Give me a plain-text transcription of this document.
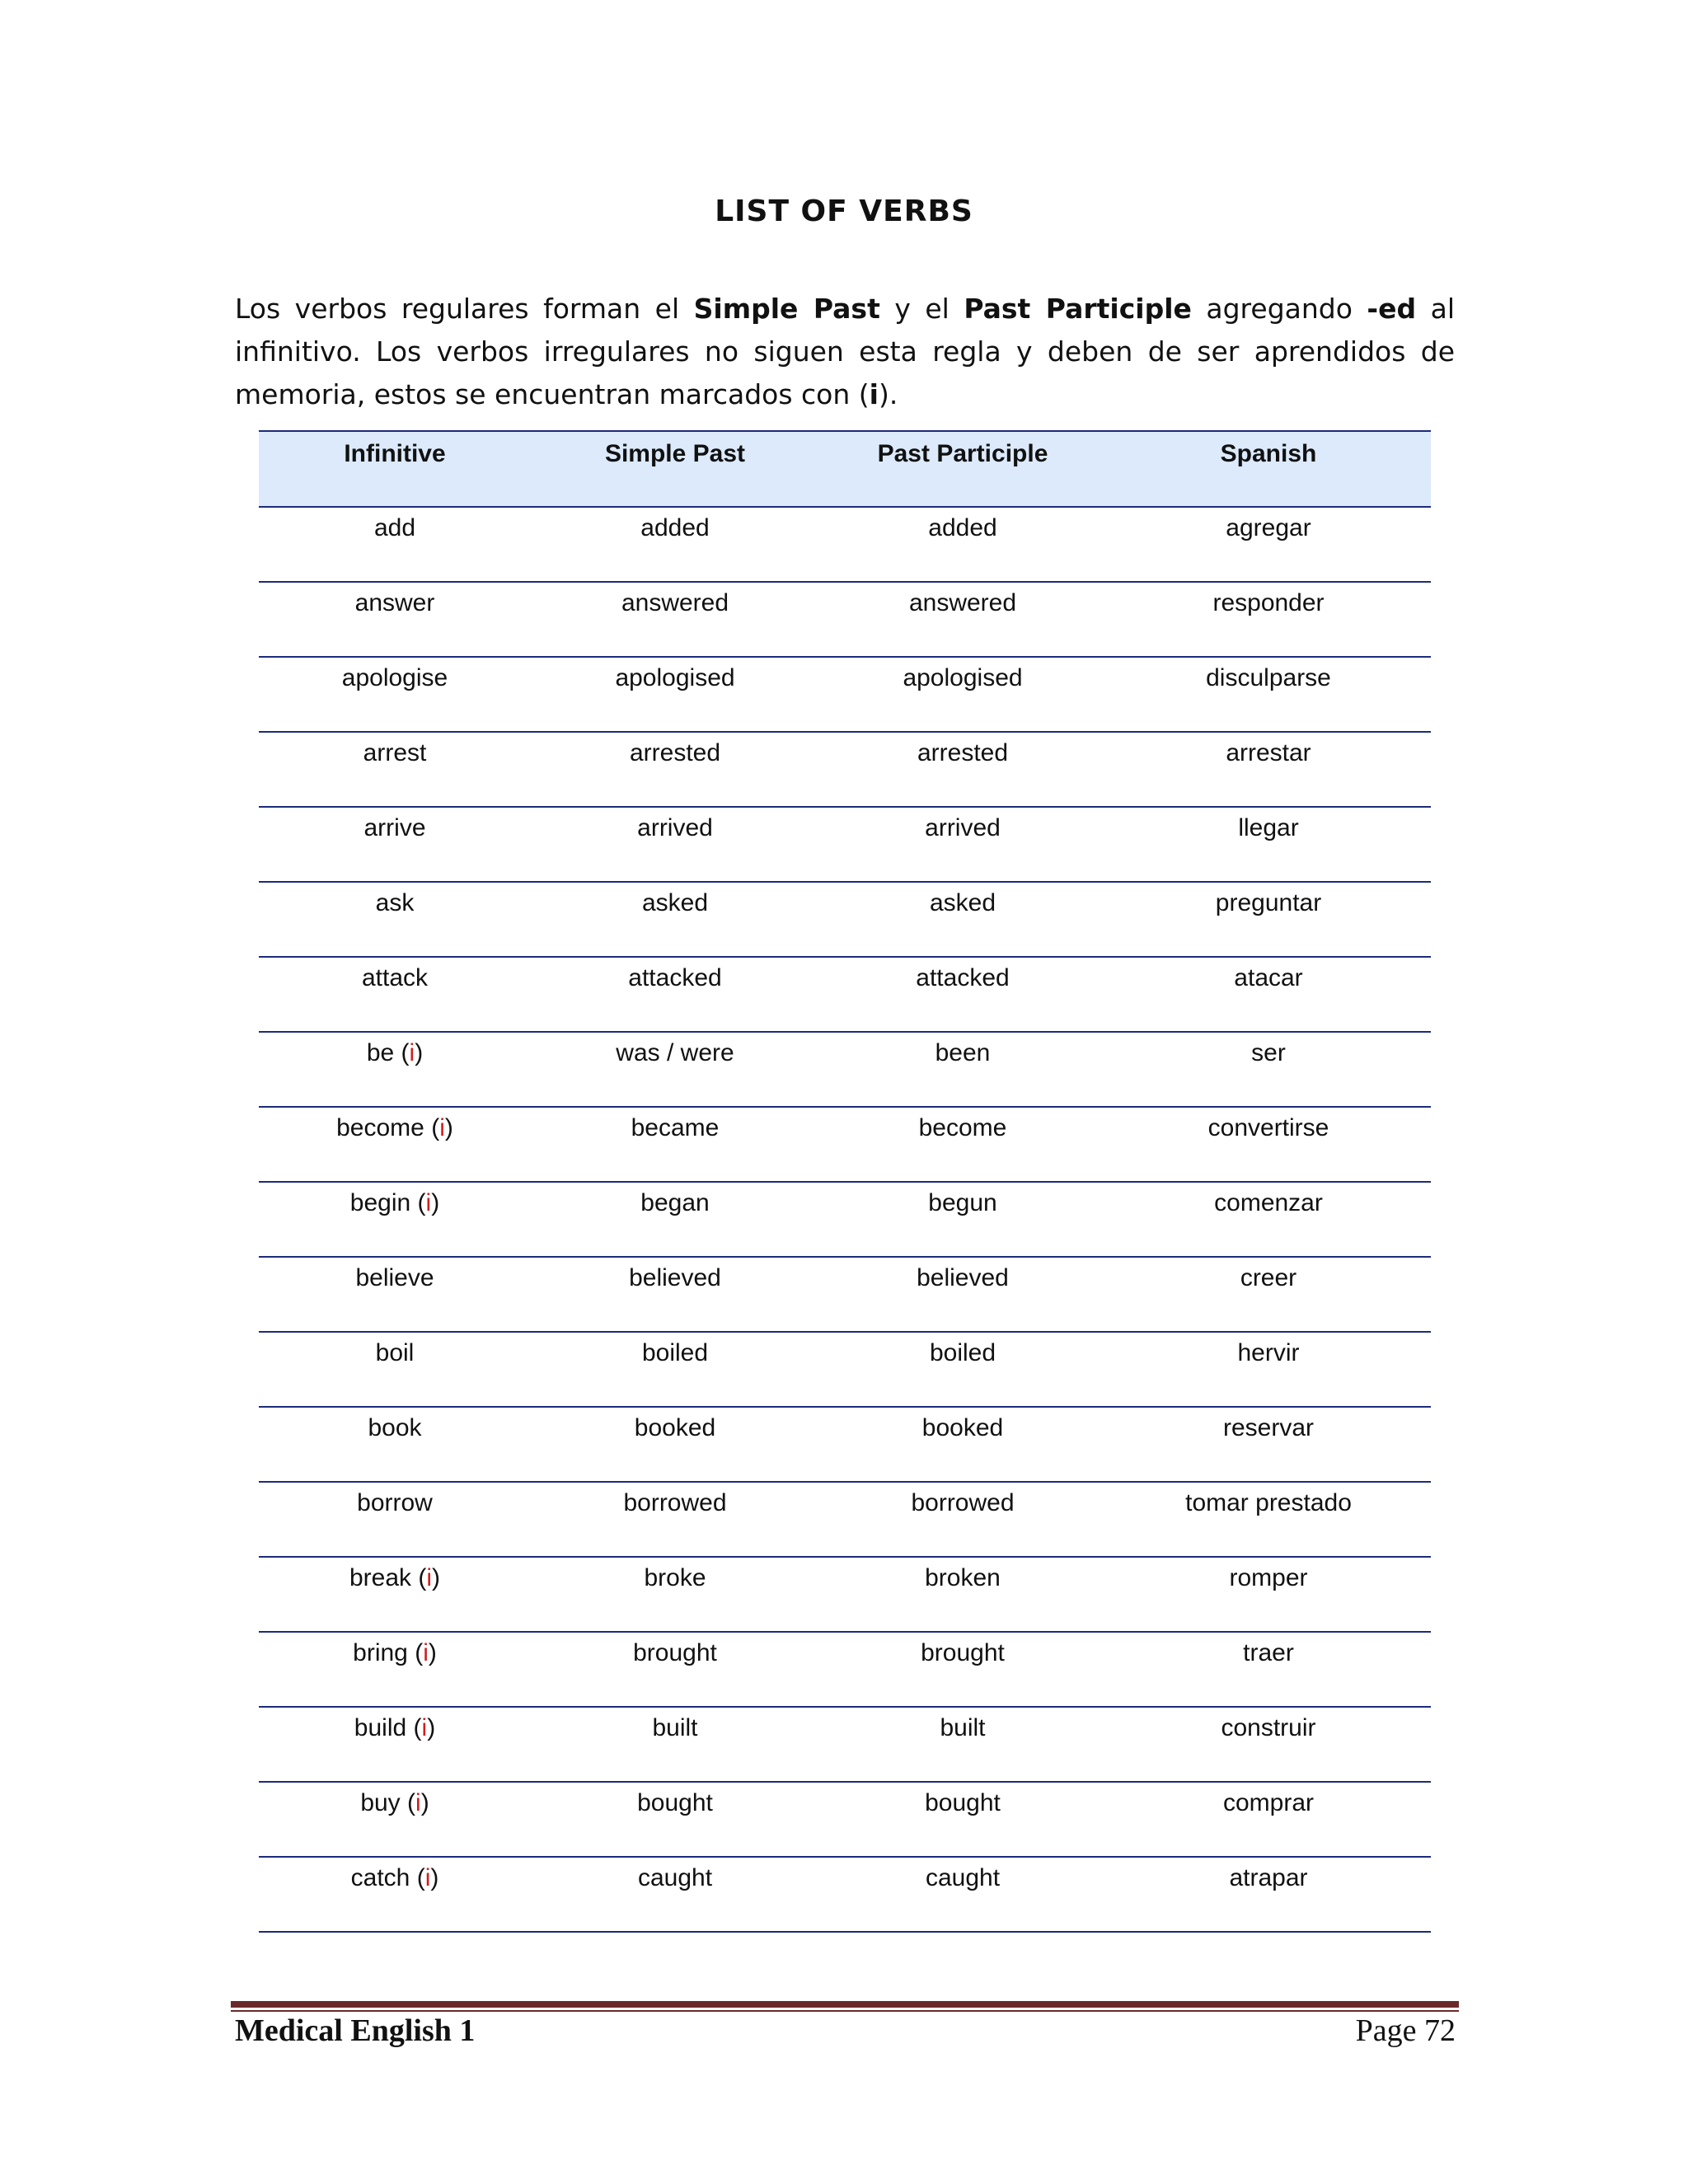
LIST OF VERBS

Los verbos regulares forman el Simple Past y el Past Participle agregando -ed al infinitivo. Los verbos irregulares no siguen esta regla y deben de ser aprendidos de memoria, estos se encuentran marcados con (i).

Infinitive	Simple Past	Past Participle	Spanish
add	added	added	agregar
answer	answered	answered	responder
apologise	apologised	apologised	disculparse
arrest	arrested	arrested	arrestar
arrive	arrived	arrived	llegar
ask	asked	asked	preguntar
attack	attacked	attacked	atacar
be (i)	was / were	been	ser
become (i)	became	become	convertirse
begin (i)	began	begun	comenzar
believe	believed	believed	creer
boil	boiled	boiled	hervir
book	booked	booked	reservar
borrow	borrowed	borrowed	tomar prestado
break (i)	broke	broken	romper
bring (i)	brought	brought	traer
build (i)	built	built	construir
buy (i)	bought	bought	comprar
catch (i)	caught	caught	atrapar
Medical English 1	Page 72
